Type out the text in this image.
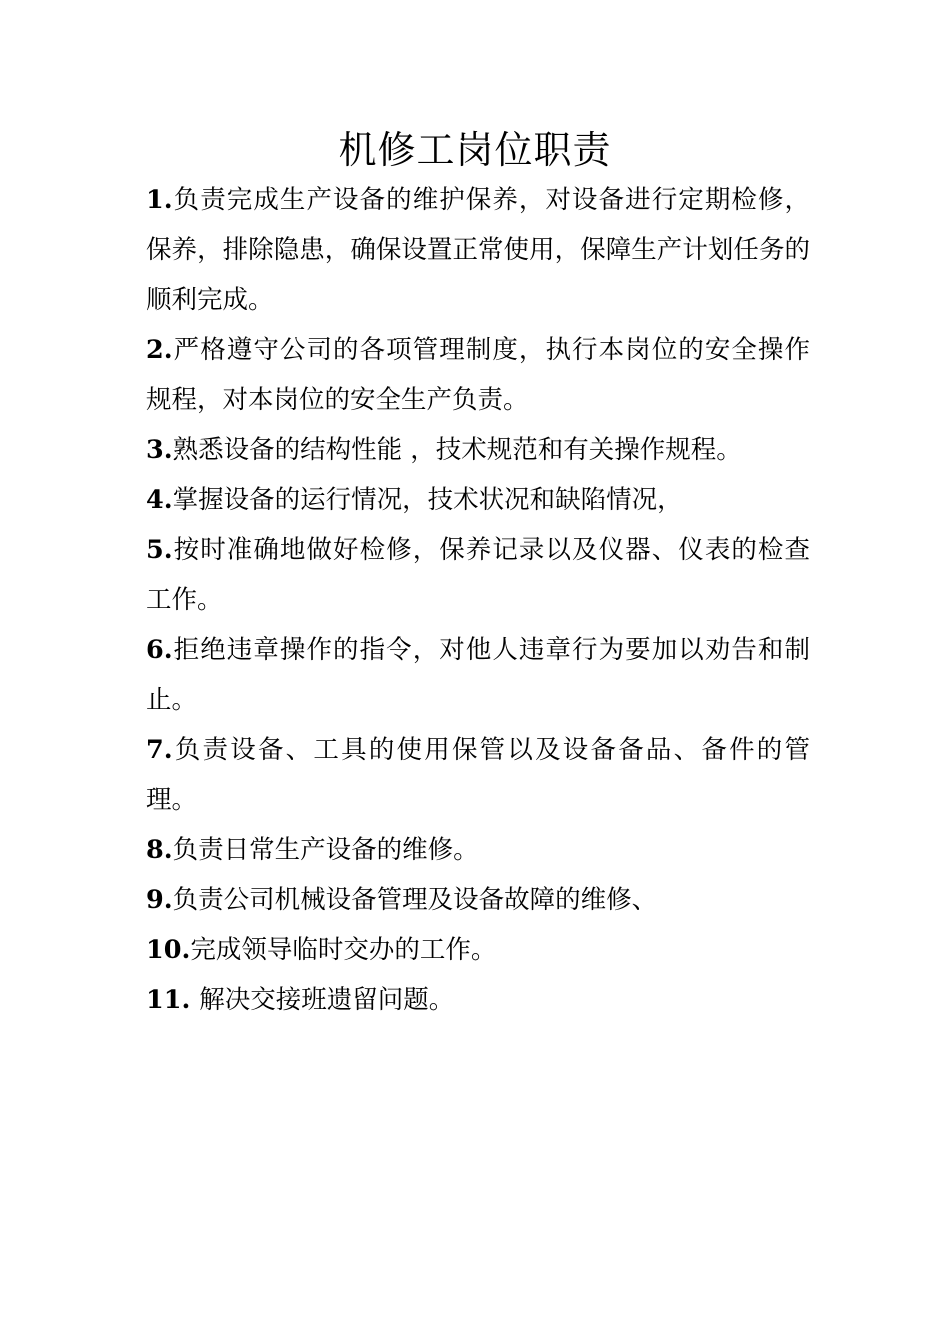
机修工岗位职责

1.负责完成生产设备的维护保养，对设备进行定期检修，保养，排除隐患，确保设置正常使用，保障生产计划任务的顺利完成。

2.严格遵守公司的各项管理制度，执行本岗位的安全操作规程，对本岗位的安全生产负责。

3.熟悉设备的结构性能 ，技术规范和有关操作规程。

4.掌握设备的运行情况，技术状况和缺陷情况，

5.按时准确地做好检修，保养记录以及仪器、仪表的检查工作。

6.拒绝违章操作的指令，对他人违章行为要加以劝告和制止。

7.负责设备、工具的使用保管以及设备备品、备件的管理。

8.负责日常生产设备的维修。

9.负责公司机械设备管理及设备故障的维修、

10.完成领导临时交办的工作。

11. 解决交接班遗留问题。
